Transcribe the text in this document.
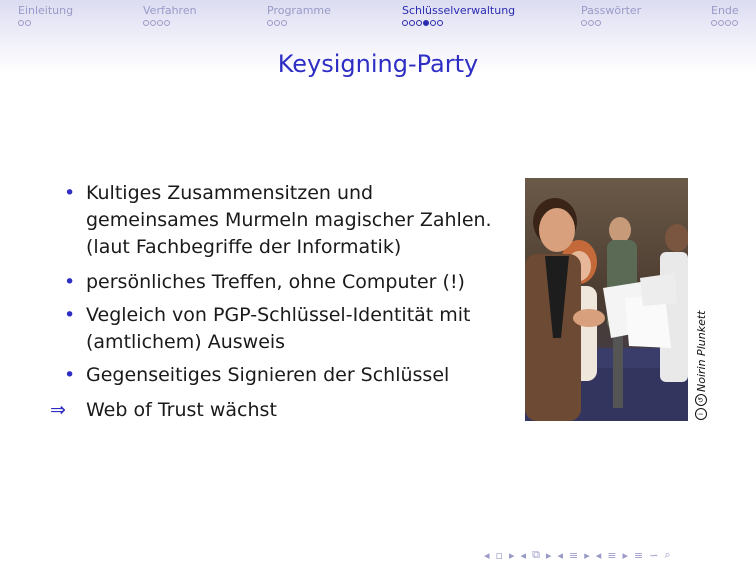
Einleitung	Verfahren	Programme	Schlüsselverwaltung	Passwörter	Ende
Keysigning-Party
• Kultiges Zusammensitzen und gemeinsames Murmeln magischer Zahlen. (laut Fachbegriffe der Informatik)
• persönliches Treffen, ohne Computer (!)
• Vegleich von PGP-Schlüssel-Identität mit (amtlichem) Ausweis
• Gegenseitiges Signieren der Schlüssel
⇒ Web of Trust wächst	i
↺
Noirin Plunkett
◂ ▫ ▸ ◂ ⧉ ▸ ◂ ≡ ▸ ◂ ≡ ▸ ≡ ∽ ⌕
